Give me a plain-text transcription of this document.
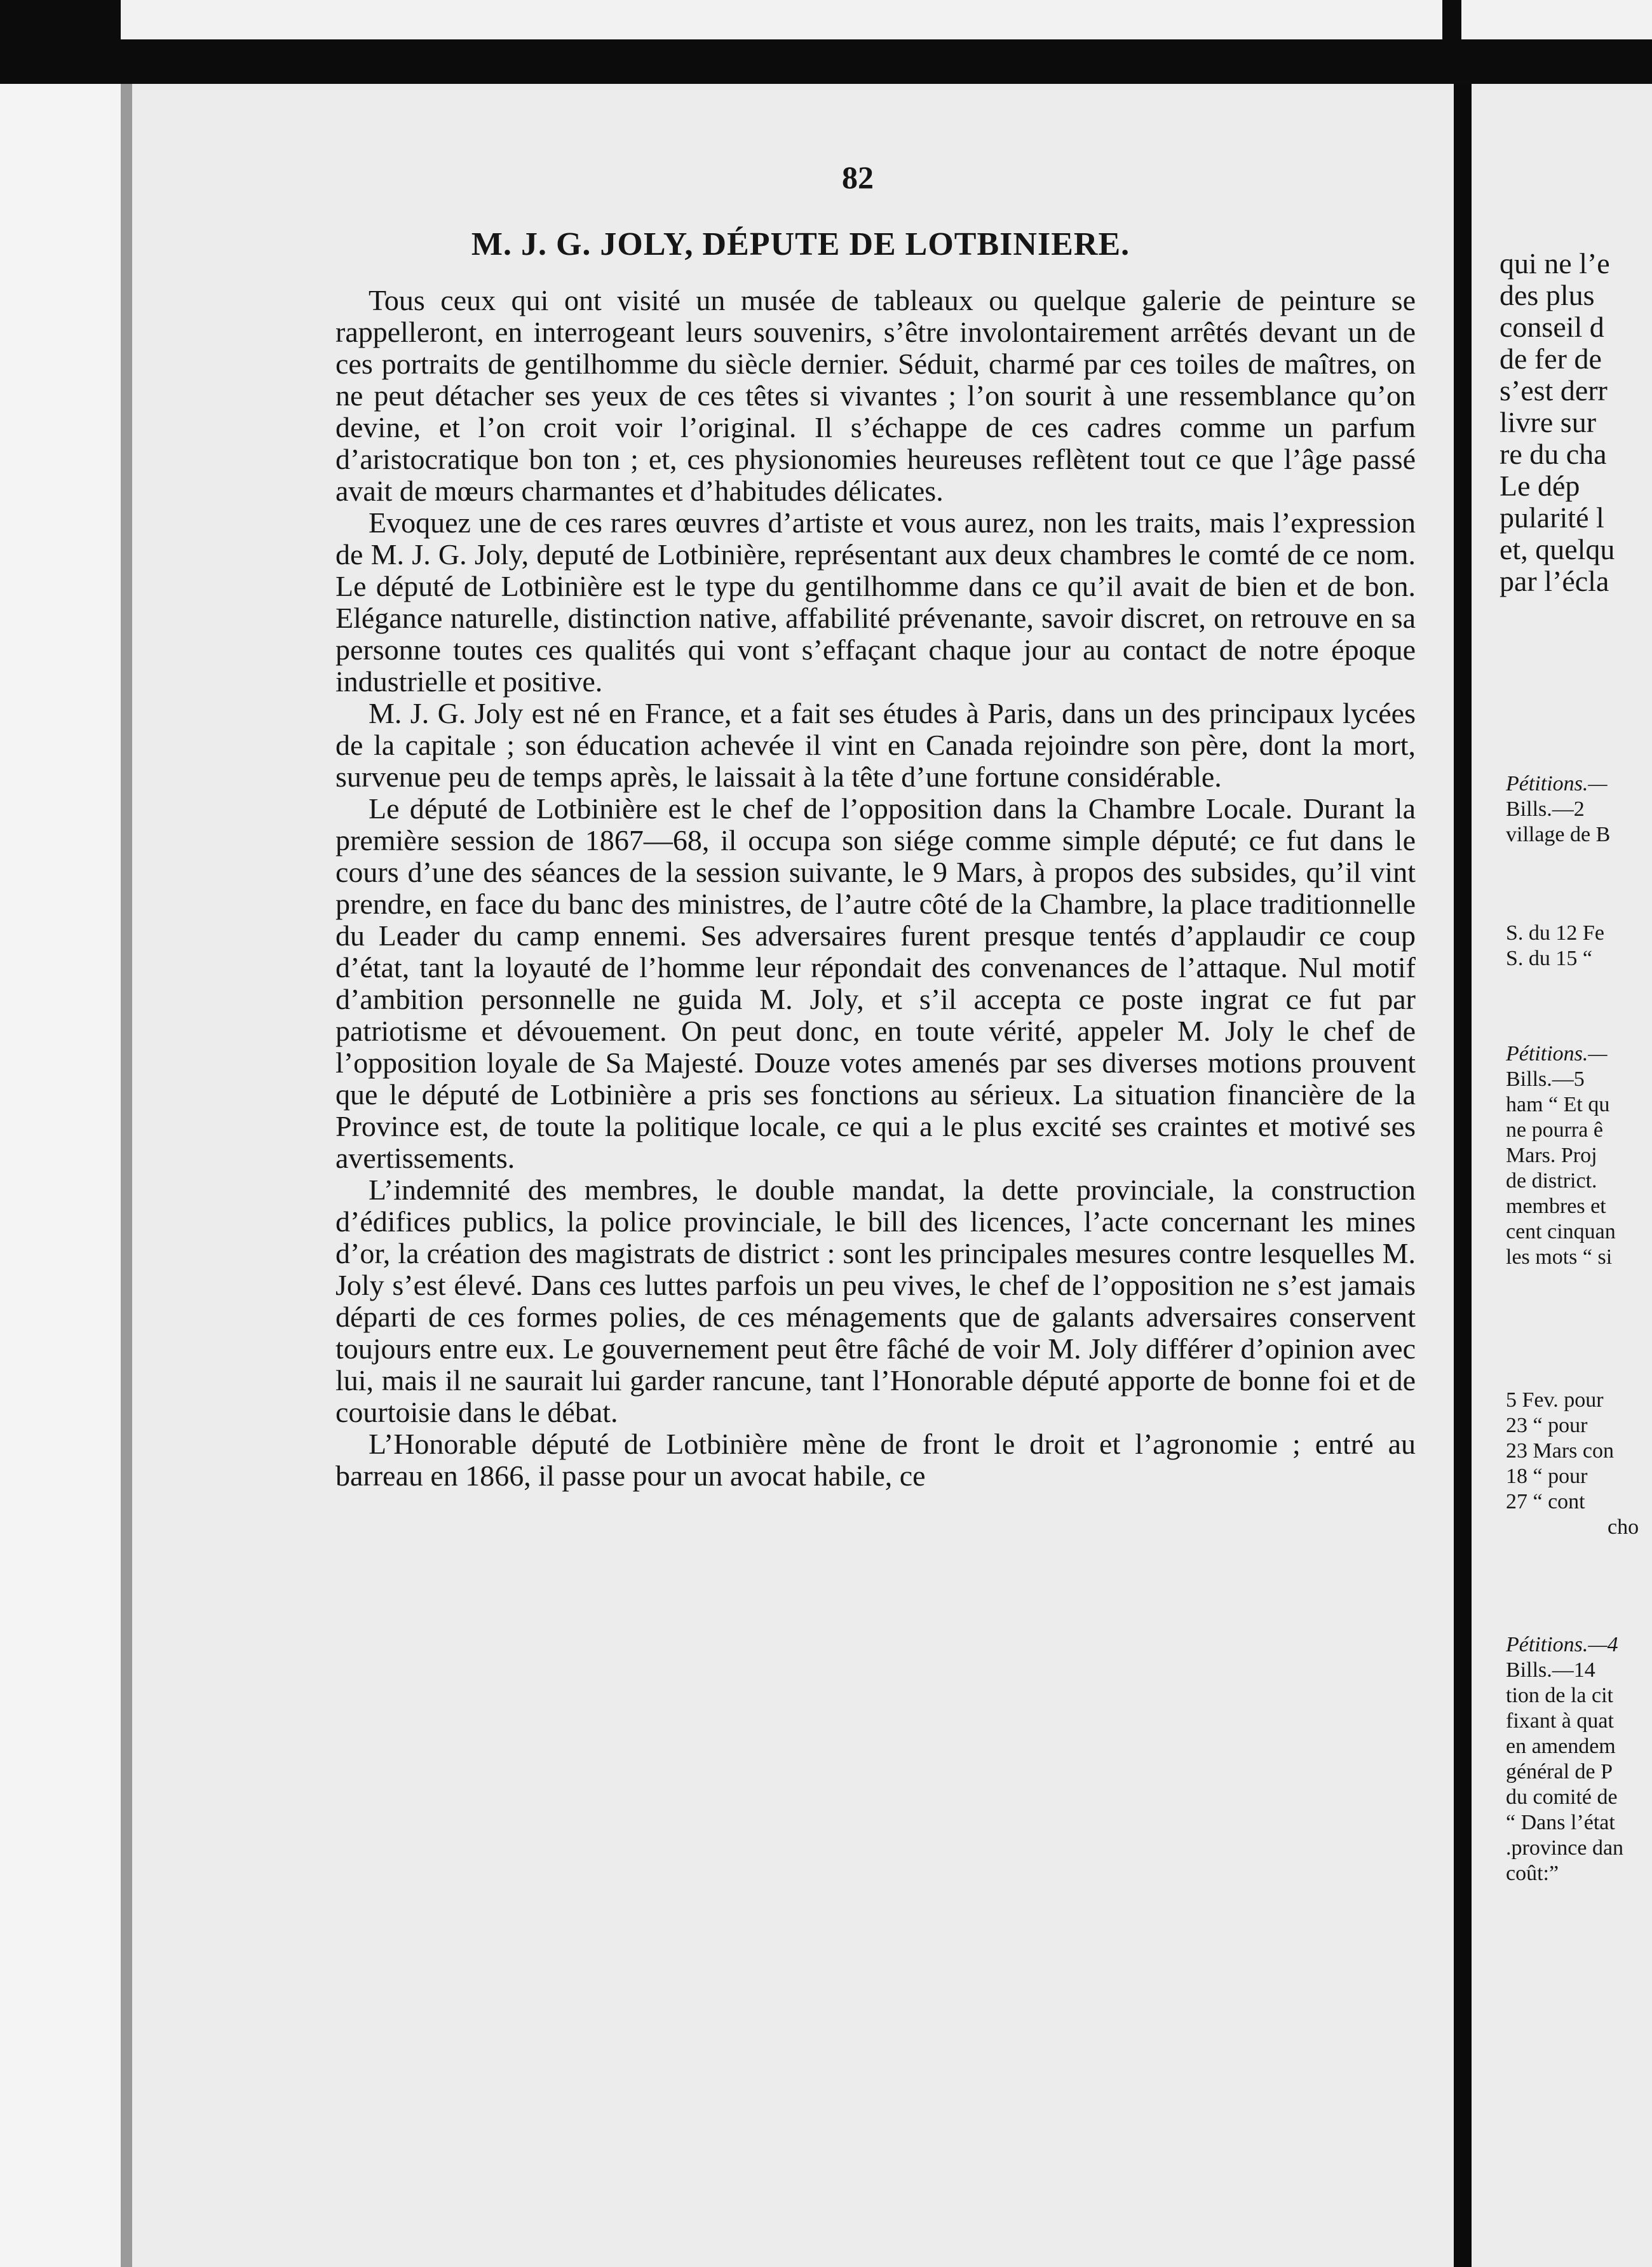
82
M. J. G. JOLY, DÉPUTE DE LOTBINIERE.

Tous ceux qui ont visité un musée de tableaux ou quelque galerie de peinture se rappelleront, en interrogeant leurs souvenirs, s’être involontairement arrêtés devant un de ces portraits de gentilhomme du siècle dernier. Séduit, charmé par ces toiles de maîtres, on ne peut détacher ses yeux de ces têtes si vivantes ; l’on sourit à une ressemblance qu’on devine, et l’on croit voir l’original. Il s’échappe de ces cadres comme un parfum d’aristocratique bon ton ; et, ces physionomies heureuses reflètent tout ce que l’âge passé avait de mœurs charmantes et d’habitudes délicates.

Evoquez une de ces rares œuvres d’artiste et vous aurez, non les traits, mais l’expression de M. J. G. Joly, deputé de Lotbinière, représentant aux deux chambres le comté de ce nom. Le député de Lotbinière est le type du gentilhomme dans ce qu’il avait de bien et de bon. Elégance naturelle, distinction native, affabilité prévenante, savoir discret, on retrouve en sa personne toutes ces qualités qui vont s’effaçant chaque jour au contact de notre époque industrielle et positive.

M. J. G. Joly est né en France, et a fait ses études à Paris, dans un des principaux lycées de la capitale ; son éducation achevée il vint en Canada rejoindre son père, dont la mort, survenue peu de temps après, le laissait à la tête d’une fortune considérable.

Le député de Lotbinière est le chef de l’opposition dans la Chambre Locale. Durant la première session de 1867—68, il occupa son siége comme simple député; ce fut dans le cours d’une des séances de la session suivante, le 9 Mars, à propos des subsides, qu’il vint prendre, en face du banc des ministres, de l’autre côté de la Chambre, la place traditionnelle du Leader du camp ennemi. Ses adversaires furent presque tentés d’applaudir ce coup d’état, tant la loyauté de l’homme leur répondait des convenances de l’attaque. Nul motif d’ambition personnelle ne guida M. Joly, et s’il accepta ce poste ingrat ce fut par patriotisme et dévouement. On peut donc, en toute vérité, appeler M. Joly le chef de l’opposition loyale de Sa Majesté. Douze votes amenés par ses diverses motions prouvent que le député de Lotbinière a pris ses fonctions au sérieux. La situation financière de la Province est, de toute la politique locale, ce qui a le plus excité ses craintes et motivé ses avertissements.

L’indemnité des membres, le double mandat, la dette provinciale, la construction d’édifices publics, la police provinciale, le bill des licences, l’acte concernant les mines d’or, la création des magistrats de district : sont les principales mesures contre lesquelles M. Joly s’est élevé. Dans ces luttes parfois un peu vives, le chef de l’opposition ne s’est jamais départi de ces formes polies, de ces ménagements que de galants adversaires conservent toujours entre eux. Le gouvernement peut être fâché de voir M. Joly différer d’opinion avec lui, mais il ne saurait lui garder rancune, tant l’Honorable député apporte de bonne foi et de courtoisie dans le débat.

L’Honorable député de Lotbinière mène de front le droit et l’agronomie ; entré au barreau en 1866, il passe pour un avocat habile, ce

qui ne l’e
des plus
conseil d
de fer de
s’est derr
livre sur
re du cha
Le dép
pularité l
et, quelqu
par l’écla
Pétitions.—
Bills.—2
village de B
S. du 12 Fe
S. du 15 “
Pétitions.—
Bills.—5
ham “ Et qu
ne pourra ê
Mars. Proj
de district.
membres et
cent cinquan
les mots “ si
5 Fev. pour
23 “ pour
23 Mars con
18 “ pour
27 “ cont
cho
Pétitions.—4
Bills.—14
tion de la cit
fixant à quat
en amendem
général de P
du comité de
“ Dans l’état
.province dan
coût:”
